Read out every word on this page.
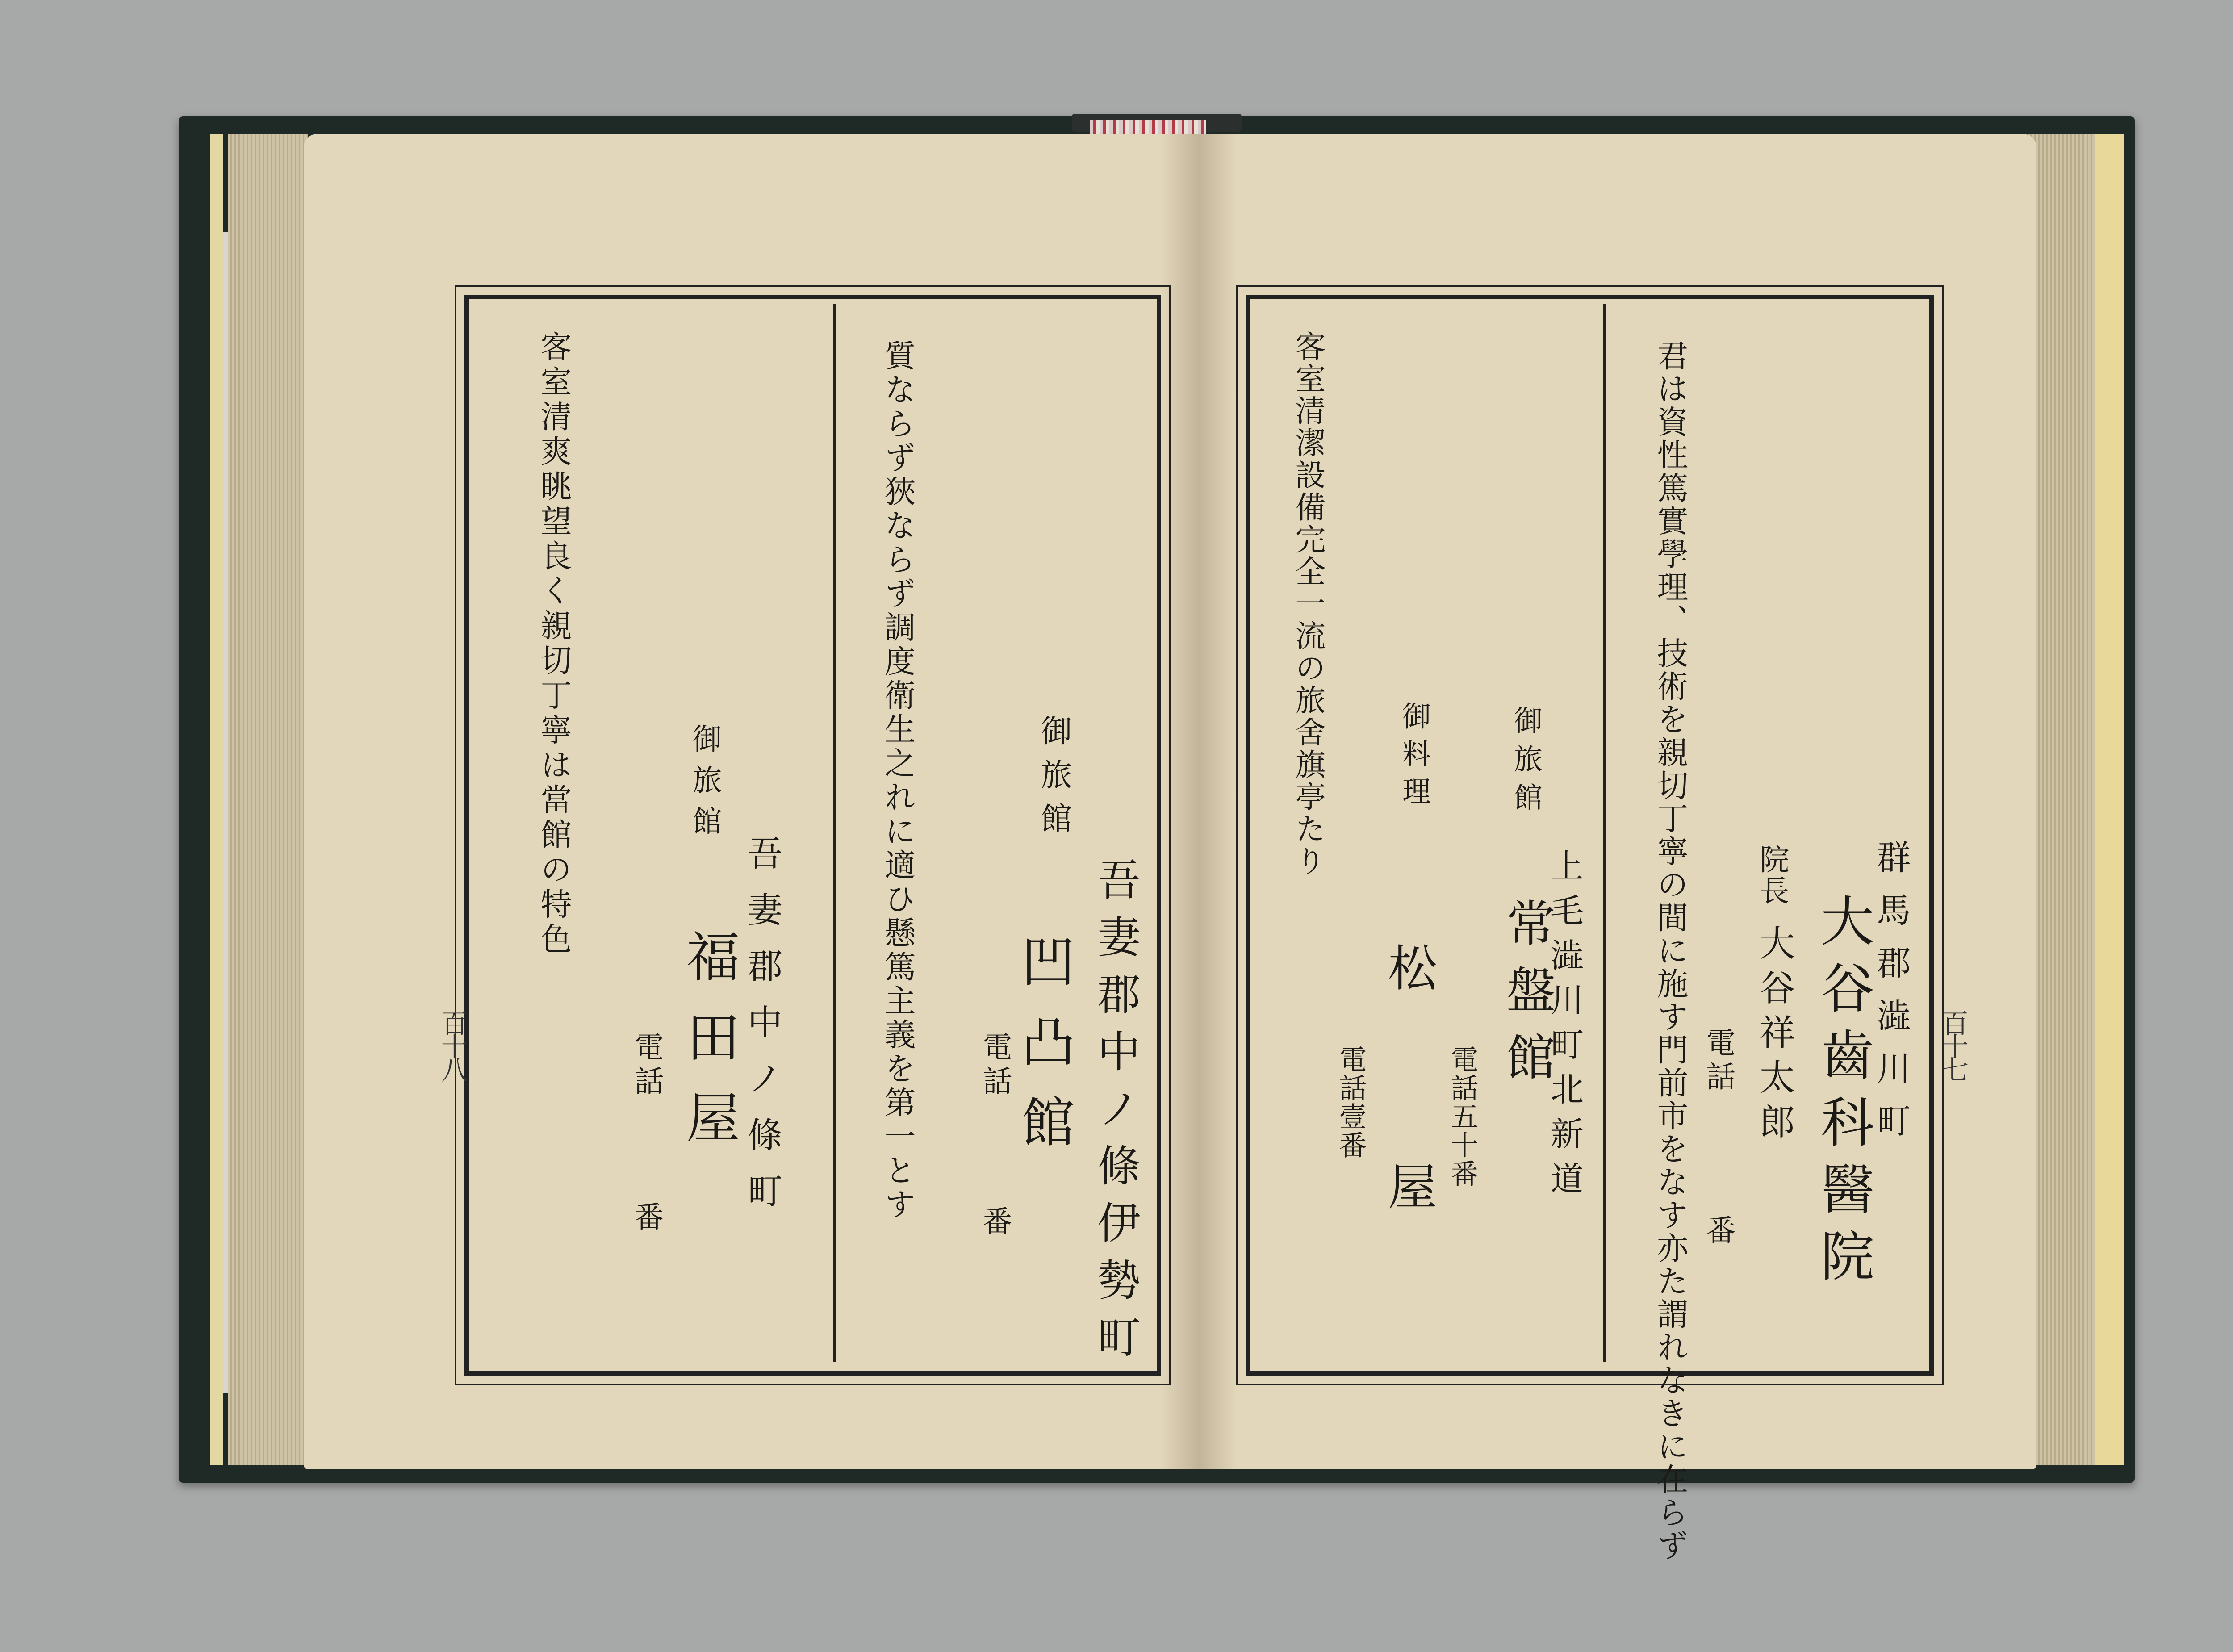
吾妻郡中ノ條伊勢町
御旅館
凹凸館
電話
番
質ならず狹ならず調度衛生之れに適ひ懸篤主義を第一とす
吾妻郡中ノ條町
御旅館
福田屋
電話
番
客室清爽眺望良く親切丁寧は當館の特色
百十八	群馬郡澁川町
大谷齒科醫院
院長
大谷祥太郎
電話
番
君は資性篤實學理、技術を親切丁寧の間に施す門前市をなす亦た謂れなきに在らず
上毛澁川町北新道
御旅館
常盤館
電話五十番
客室清潔設備完全一流の旅舍旗亭たり	御料理
松屋
電話壹番
百十七
